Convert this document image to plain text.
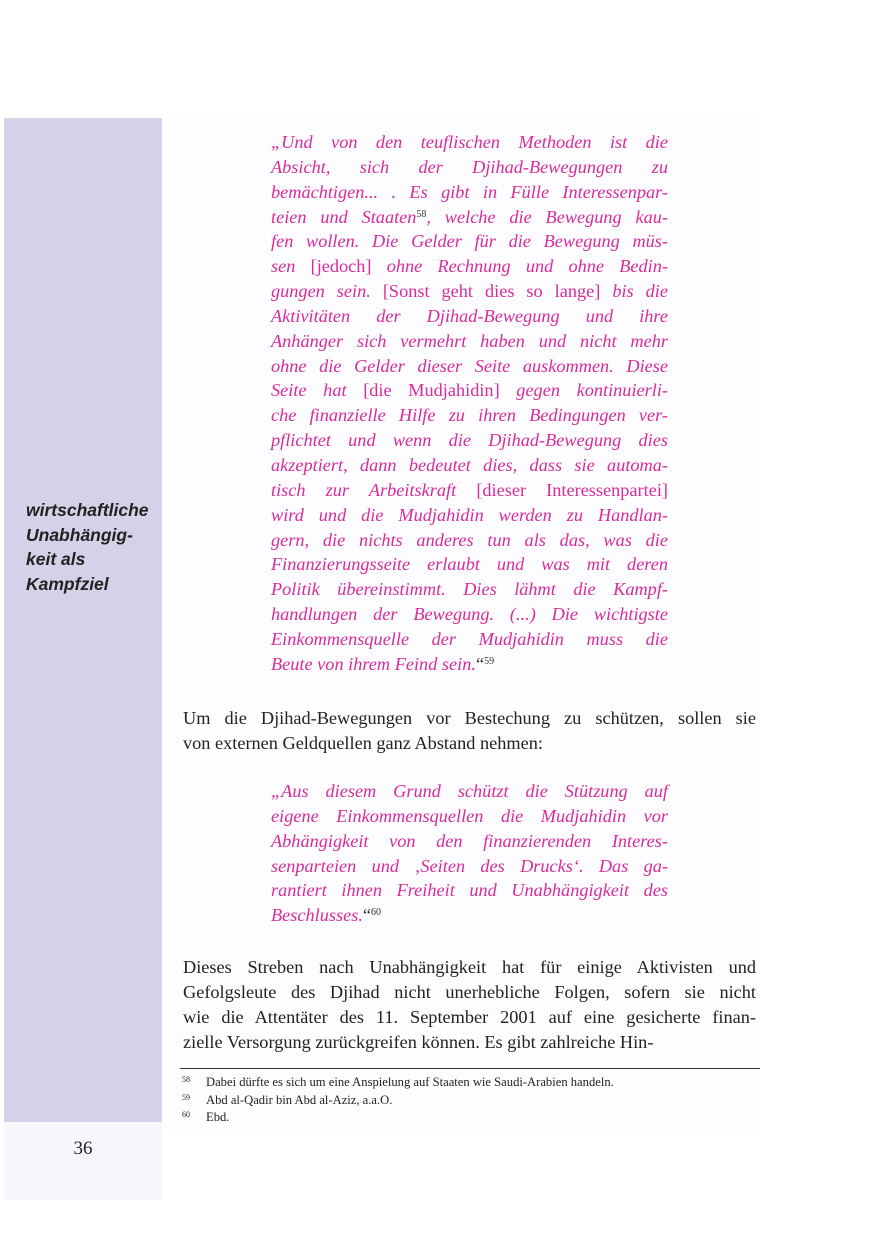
wirtschaftliche
Unabhängig-
keit als
Kampfziel
36
„Und von den teuflischen Methoden ist die
Absicht, sich der Djihad-Bewegungen zu
bemächtigen... . Es gibt in Fülle Interessenpar-
teien und Staaten$^{58}$, welche die Bewegung kau-
fen wollen. Die Gelder für die Bewegung müs-
sen [jedoch] ohne Rechnung und ohne Bedin-
gungen sein. [Sonst geht dies so lange] bis die
Aktivitäten der Djihad-Bewegung und ihre
Anhänger sich vermehrt haben und nicht mehr
ohne die Gelder dieser Seite auskommen. Diese
Seite hat [die Mudjahidin] gegen kontinuierli-
che finanzielle Hilfe zu ihren Bedingungen ver-
pflichtet und wenn die Djihad-Bewegung dies
akzeptiert, dann bedeutet dies, dass sie automa-
tisch zur Arbeitskraft [dieser Interessenpartei]
wird und die Mudjahidin werden zu Handlan-
gern, die nichts anderes tun als das, was die
Finanzierungsseite erlaubt und was mit deren
Politik übereinstimmt. Dies lähmt die Kampf-
handlungen der Bewegung. (...) Die wichtigste
Einkommensquelle der Mudjahidin muss die
Beute von ihrem Feind sein.“$^{59}$
Um die Djihad-Bewegungen vor Bestechung zu schützen, sollen sie
von externen Geldquellen ganz Abstand nehmen:
„Aus diesem Grund schützt die Stützung auf
eigene Einkommensquellen die Mudjahidin vor
Abhängigkeit von den finanzierenden Interes-
senparteien und ‚Seiten des Drucks‘. Das ga-
rantiert ihnen Freiheit und Unabhängigkeit des
Beschlusses.“$^{60}$
Dieses Streben nach Unabhängigkeit hat für einige Aktivisten und
Gefolgsleute des Djihad nicht unerhebliche Folgen, sofern sie nicht
wie die Attentäter des 11. September 2001 auf eine gesicherte finan-
zielle Versorgung zurückgreifen können. Es gibt zahlreiche Hin-
58	Dabei dürfte es sich um eine Anspielung auf Staaten wie Saudi-Arabien handeln.
59	Abd al-Qadir bin Abd al-Aziz, a.a.O.
60	Ebd.
